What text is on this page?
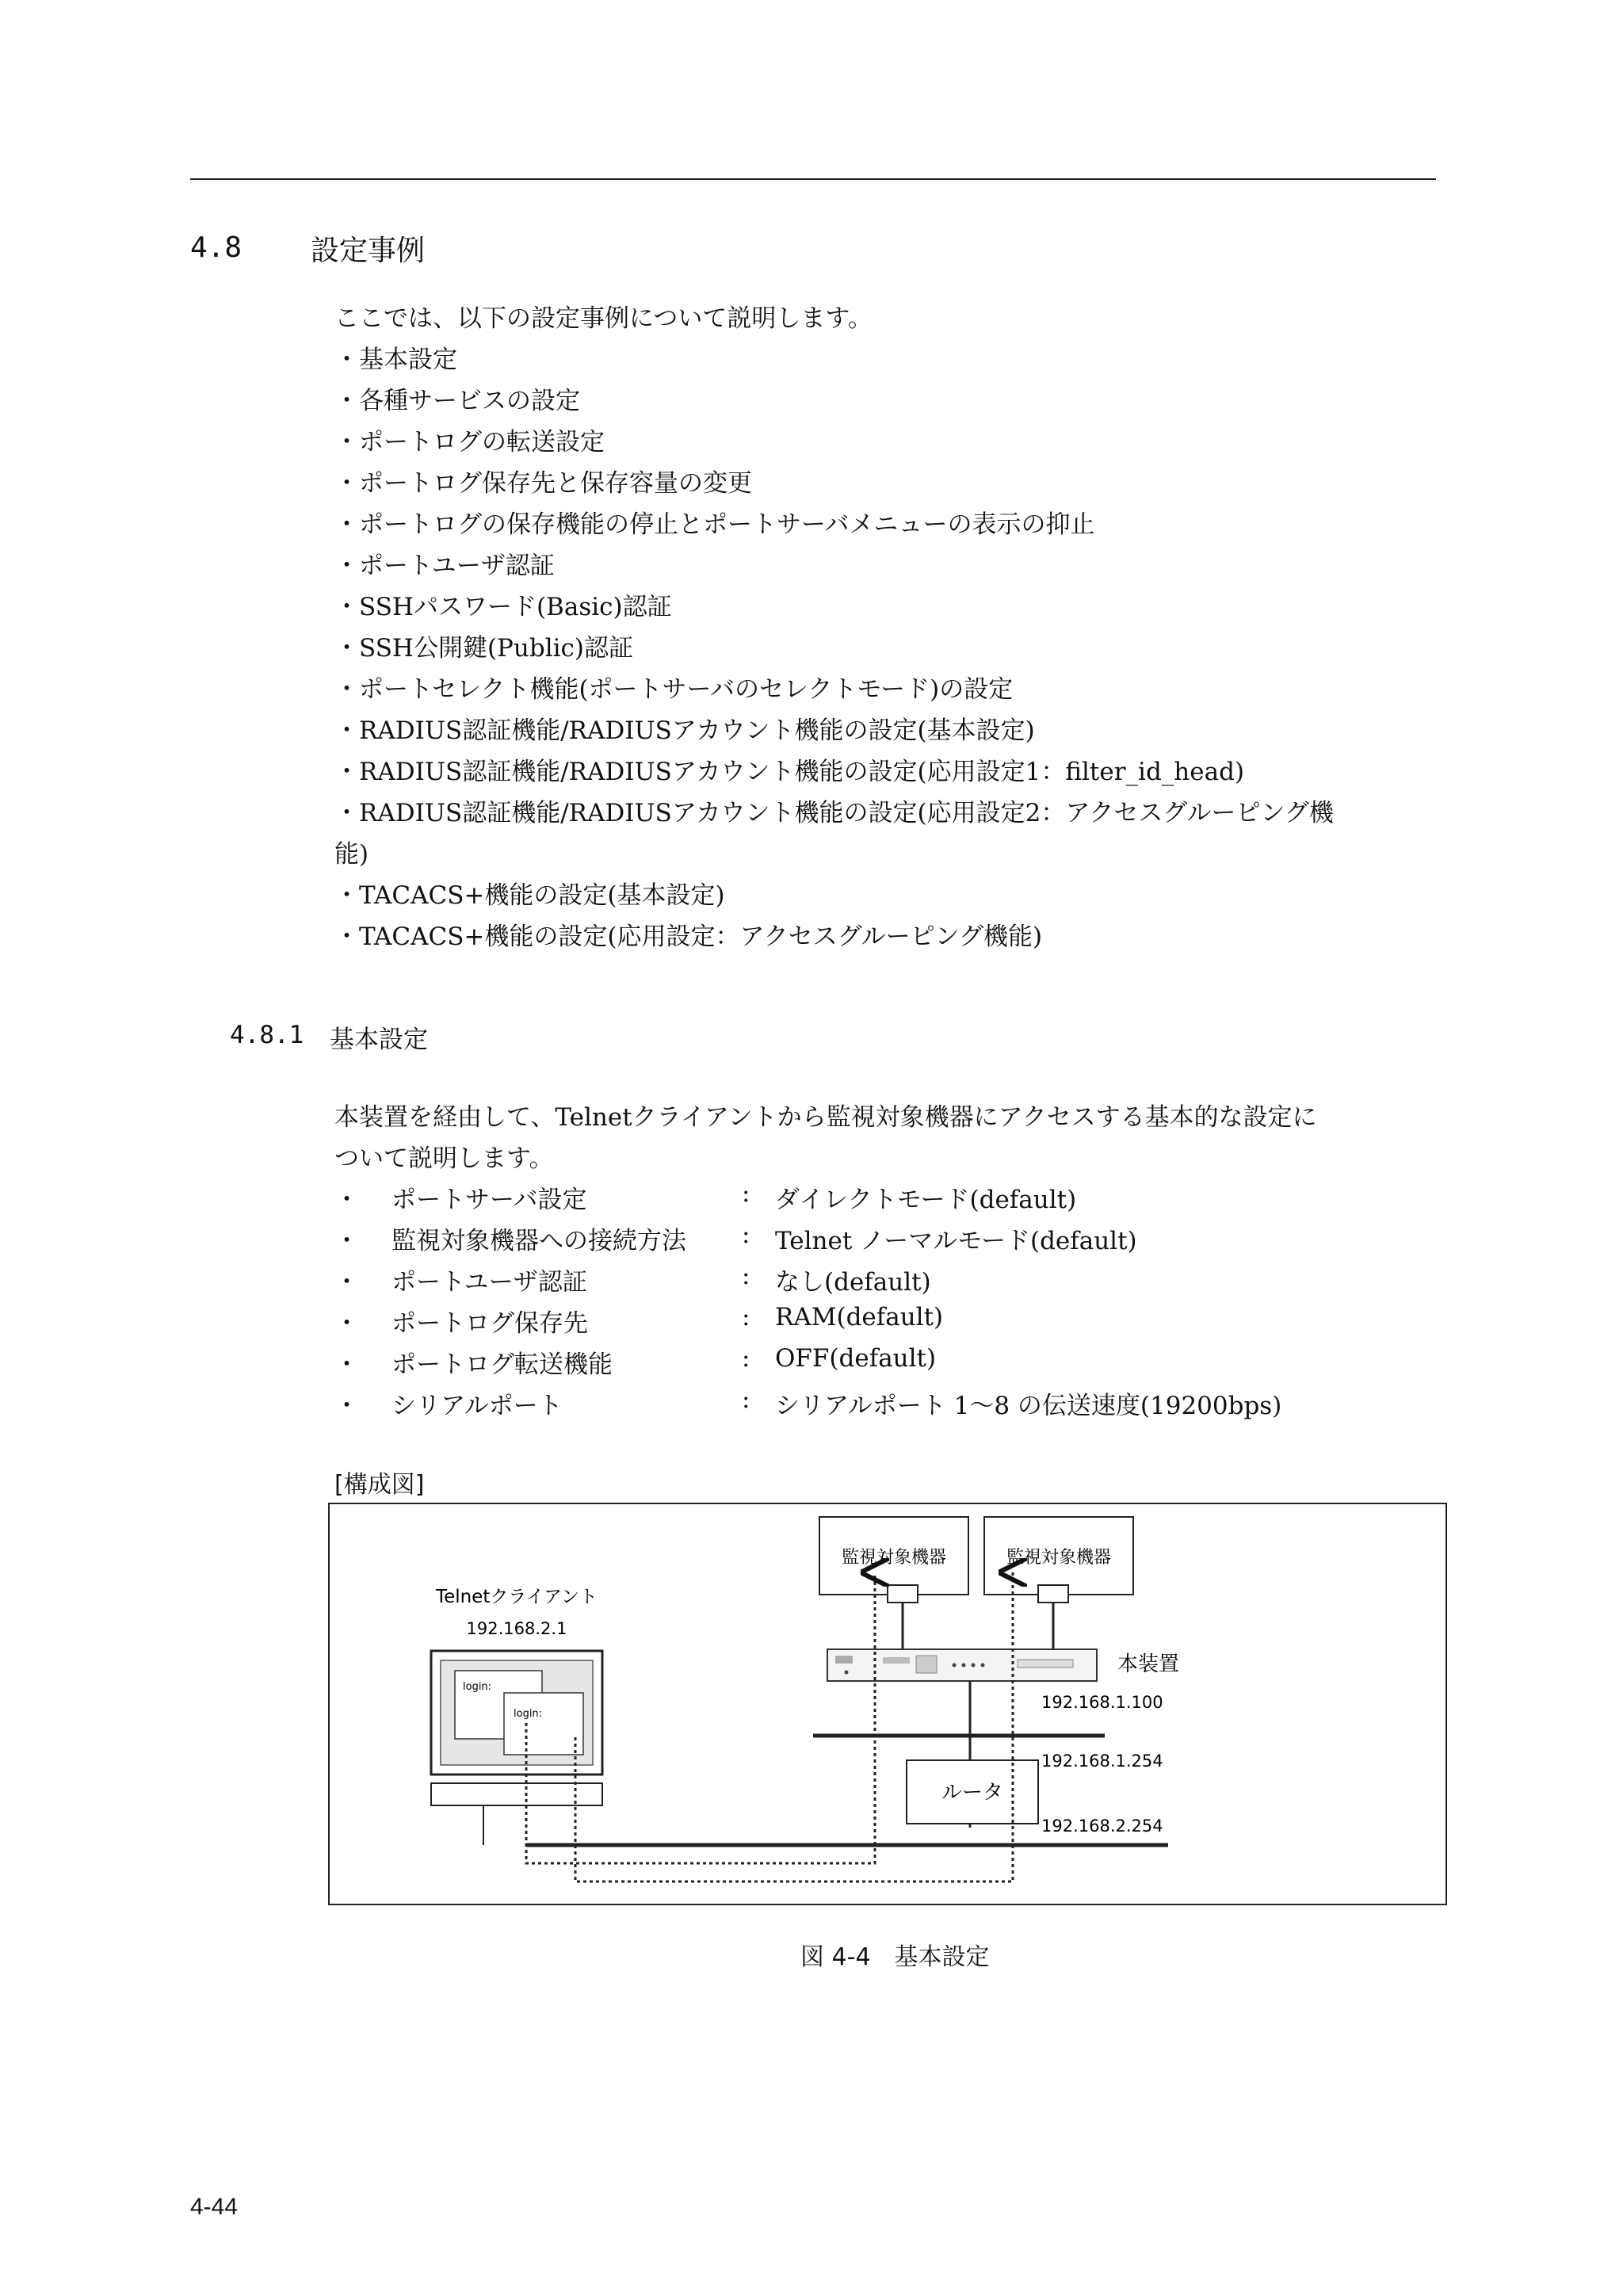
4.8 設定事例
ここでは、以下の設定事例について説明します。
・基本設定
・各種サービスの設定
・ポートログの転送設定
・ポートログ保存先と保存容量の変更
・ポートログの保存機能の停止とポートサーバメニューの表示の抑止
・ポートユーザ認証
・SSHパスワード(Basic)認証
・SSH公開鍵(Public)認証
・ポートセレクト機能(ポートサーバのセレクトモード)の設定
・RADIUS認証機能/RADIUSアカウント機能の設定(基本設定)
・RADIUS認証機能/RADIUSアカウント機能の設定(応用設定1：filter_id_head)
・RADIUS認証機能/RADIUSアカウント機能の設定(応用設定2：アクセスグルーピング機
能)
・TACACS+機能の設定(基本設定)
・TACACS+機能の設定(応用設定：アクセスグルーピング機能)
4.8.1 基本設定
本装置を経由して、Telnetクライアントから監視対象機器にアクセスする基本的な設定に
ついて説明します。
・ ポートサーバ設定	: ダイレクトモード(default)
・ 監視対象機器への接続方法 : Telnet ノーマルモード(default)
・ ポートユーザ認証	: なし(default)
・ ポートログ保存先	: RAM(default)
・ ポートログ転送機能	: OFF(default)
・ シリアルポート	: シリアルポート 1～8 の伝送速度(19200bps)
[構成図]
監視対象機器	監視対象機器
本装置
192.168.1.100
ルータ
192.168.1.254
192.168.2.254
Telnetクライアント
192.168.2.1
login:
login:
図 4-4　基本設定
4-44
